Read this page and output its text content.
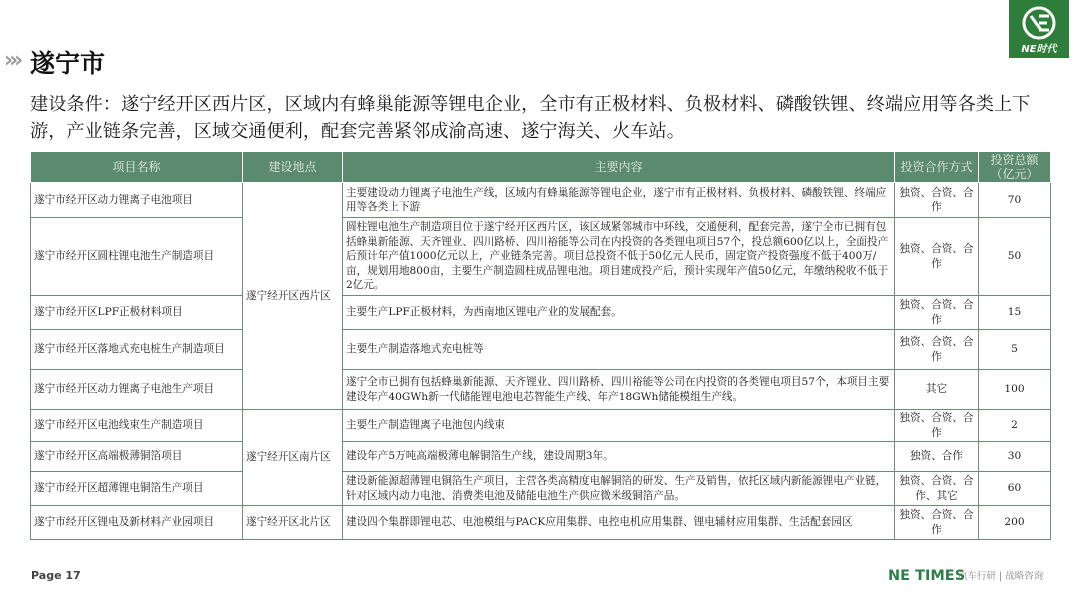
››› 遂宁市	NE时代
建设条件：遂宁经开区西片区，区域内有蜂巢能源等锂电企业，全市有正极材料、负极材料、磷酸铁锂、终端应用等各类上下游，产业链条完善，区域交通便利，配套完善紧邻成渝高速、遂宁海关、火车站。
项目名称	建设地点	主要内容	投资合作方式	投资总额（亿元）
遂宁市经开区动力锂离子电池项目	遂宁经开区西片区	主要建设动力锂离子电池生产线，区域内有蜂巢能源等锂电企业，遂宁市有正极材料、负极材料、磷酸铁锂、终端应用等各类上下游	独资、合资、合作	70
遂宁市经开区圆柱锂电池生产制造项目		圆柱锂电池生产制造项目位于遂宁经开区西片区，该区域紧邻城市中环线，交通便利，配套完善，遂宁全市已拥有包括蜂巢新能源、天齐锂业、四川路桥、四川裕能等公司在内投资的各类锂电项目57个，投总额600亿以上，全面投产后预计年产值1000亿元以上，产业链条完善。项目总投资不低于50亿元人民币，固定资产投资强度不低于400万/亩，规划用地800亩，主要生产制造圆柱成品锂电池。项目建成投产后，预计实现年产值50亿元，年缴纳税收不低于2亿元。	独资、合资、合作	50
遂宁市经开区LPF正极材料项目		主要生产LPF正极材料，为西南地区锂电产业的发展配套。	独资、合资、合作	15
遂宁市经开区落地式充电桩生产制造项目		主要生产制造落地式充电桩等	独资、合资、合作	5
遂宁市经开区动力锂离子电池生产项目		遂宁全市已拥有包括蜂巢新能源、天齐锂业、四川路桥、四川裕能等公司在内投资的各类锂电项目57个，本项目主要建设年产40GWh新一代储能锂电池电芯智能生产线、年产18GWh储能模组生产线。	其它	100
遂宁市经开区电池线束生产制造项目	遂宁经开区南片区	主要生产制造锂离子电池包内线束	独资、合资、合作	2
遂宁市经开区高端极薄铜箔项目		建设年产5万吨高端极薄电解铜箔生产线，建设周期3年。	独资、合作	30
遂宁市经开区超薄锂电铜箔生产项目		建设新能源超薄锂电铜箔生产项目，主营各类高精度电解铜箔的研发、生产及销售，依托区域内新能源锂电产业链，针对区域内动力电池、消费类电池及储能电池生产供应微米级铜箔产品。	独资、合资、合作、其它	60
遂宁市经开区锂电及新材料产业园项目	遂宁经开区北片区	建设四个集群即锂电芯、电池模组与PACK应用集群、电控电机应用集群、锂电辅材应用集群、生活配套园区	独资、合资、合作	200
Page 17	NE TIMES
汽车行研 | 战略咨询
